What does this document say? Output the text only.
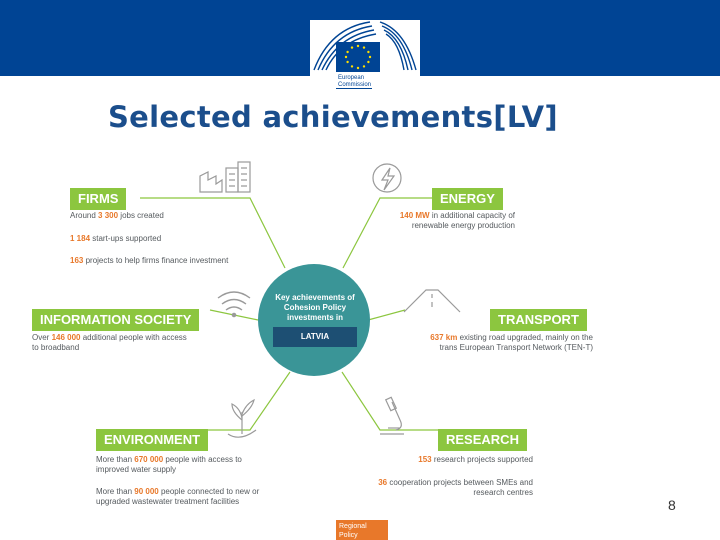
European
Commission
Selected achievements[LV]
FIRMS
Around 3 300 jobs created
1 184 start-ups supported
163 projects to help firms finance investment
ENERGY
140 MW in additional capacity of
renewable energy production
INFORMATION SOCIETY
Over 146 000 additional people with access
to broadband
TRANSPORT
637 km existing road upgraded, mainly on the
trans European Transport Network (TEN-T)
ENVIRONMENT
More than 670 000 people with access to
improved water supply
More than 90 000 people connected to new or
upgraded wastewater treatment facilities
RESEARCH
153 research projects supported
36 cooperation projects between SMEs and
research centres
Key achievements of
Cohesion Policy
investments in
LATVIA
8
Regional
Policy
